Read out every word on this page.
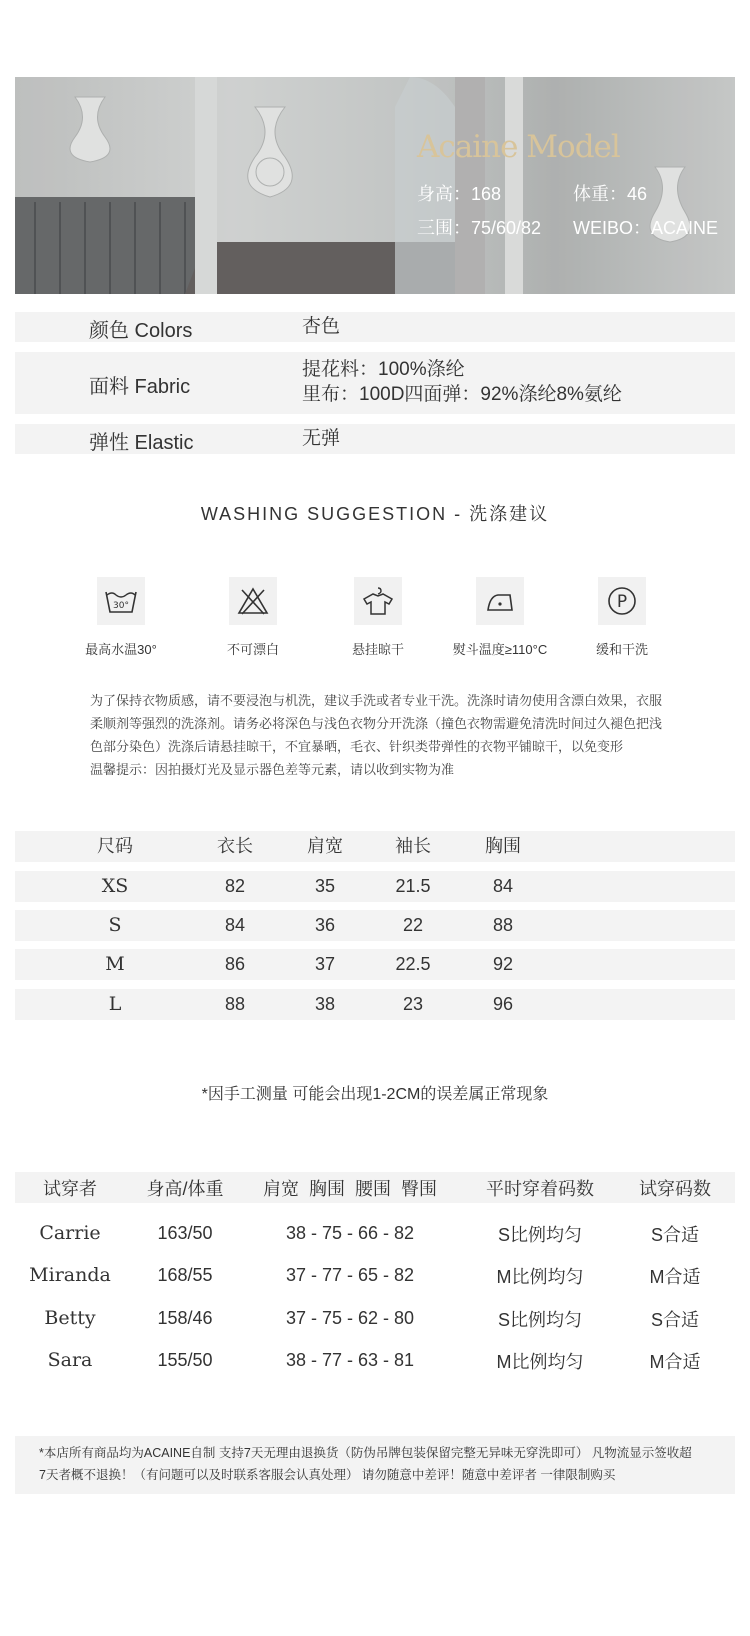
Acaine Model
身高：168	体重：46
三围：75/60/82 WEIBO：ACAINE
颜色 Colors	杏色
面料 Fabric
提花料：100%涤纶
里布：100D四面弹：92%涤纶8%氨纶
弹性 Elastic	无弹
WASHING SUGGESTION - 洗涤建议
30°
最高水温30°	不可漂白	悬挂晾干	熨斗温度≥110°C
P
缓和干洗
为了保持衣物质感，请不要浸泡与机洗，建议手洗或者专业干洗。洗涤时请勿使用含漂白效果，衣服
柔顺剂等强烈的洗涤剂。请务必将深色与浅色衣物分开洗涤（撞色衣物需避免清洗时间过久褪色把浅
色部分染色）洗涤后请悬挂晾干，不宜暴晒，毛衣、针织类带弹性的衣物平铺晾干，以免变形
温馨提示：因拍摄灯光及显示器色差等元素，请以收到实物为准
尺码	衣长	肩宽	袖长	胸围
XS	82	35	21.5	84
S	84	36	22	88
M	86	37	22.5	92
L	88	38	23	96
*因手工测量 可能会出现1-2CM的误差属正常现象
试穿者	身高/体重	肩宽  胸围  腰围  臀围	平时穿着码数	试穿码数
Carrie	163/50	38 - 75 - 66 - 82	S比例均匀	S合适
Miranda	168/55	37 - 77 - 65 - 82	M比例均匀	M合适
Betty	158/46	37 - 75 - 62 - 80	S比例均匀	S合适
Sara	155/50	38 - 77 - 63 - 81	M比例均匀	M合适
*本店所有商品均为ACAINE自制 支持7天无理由退换货（防伪吊牌包装保留完整无异味无穿洗即可） 凡物流显示签收超
7天者概不退换！（有问题可以及时联系客服会认真处理） 请勿随意中差评！随意中差评者 一律限制购买
